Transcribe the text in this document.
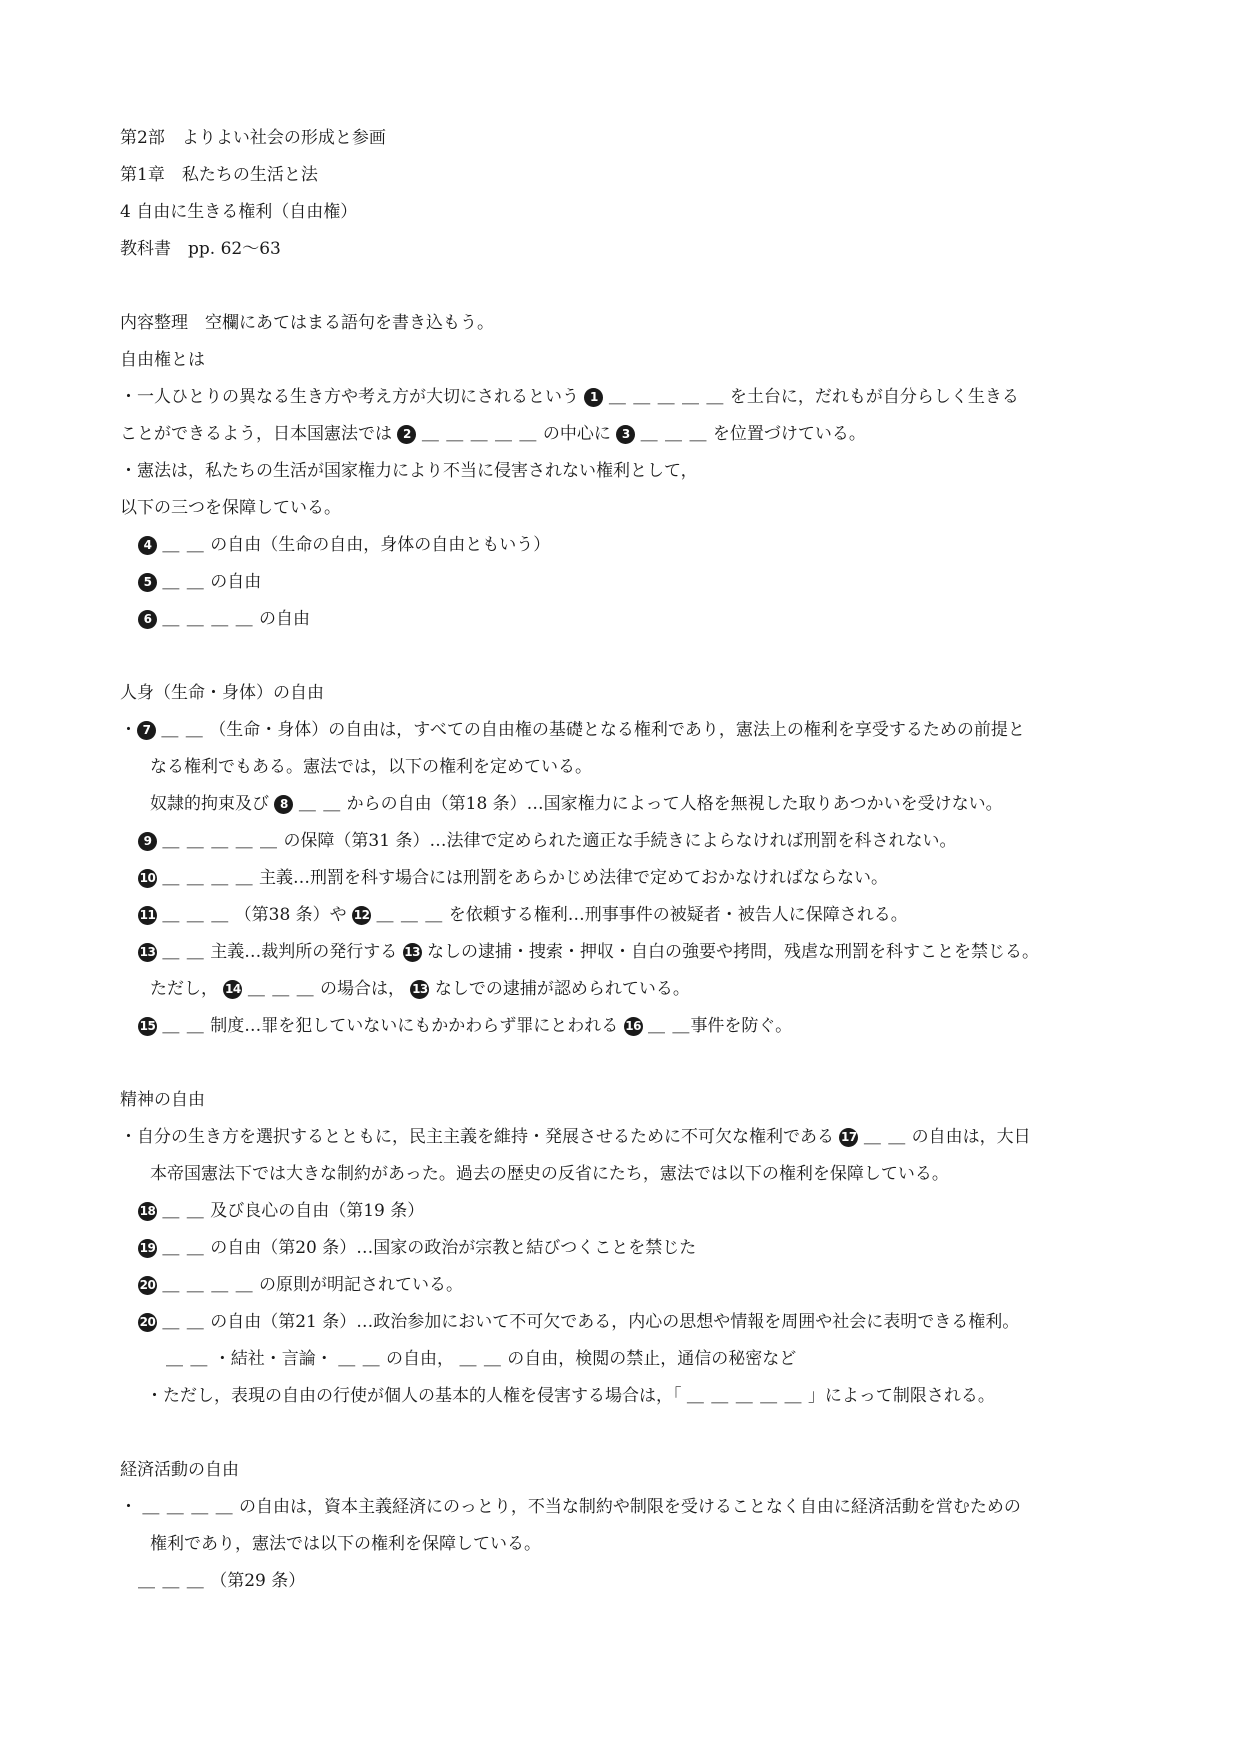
第2部　よりよい社会の形成と参画
第1章　私たちの生活と法
4 自由に生きる権利（自由権）
教科書　pp. 62〜63
内容整理　空欄にあてはまる語句を書き込もう。
自由権とは
・一人ひとりの異なる生き方や考え方が大切にされるという 1 ＿ ＿ ＿ ＿ ＿ を土台に，だれもが自分らしく生きる
ことができるよう，日本国憲法では 2 ＿ ＿ ＿ ＿ ＿ の中心に 3 ＿ ＿ ＿ を位置づけている。
・憲法は，私たちの生活が国家権力により不当に侵害されない権利として，
以下の三つを保障している。
4 ＿ ＿ の自由（生命の自由，身体の自由ともいう）
5 ＿ ＿ の自由
6 ＿ ＿ ＿ ＿ の自由
人身（生命・身体）の自由
・ 7 ＿ ＿ （生命・身体）の自由は，すべての自由権の基礎となる権利であり，憲法上の権利を享受するための前提と
なる権利でもある。憲法では，以下の権利を定めている。
奴隷的拘束及び 8 ＿ ＿ からの自由（第18 条）…国家権力によって人格を無視した取りあつかいを受けない。
9 ＿ ＿ ＿ ＿ ＿ の保障（第31 条）…法律で定められた適正な手続きによらなければ刑罰を科されない。
10 ＿ ＿ ＿ ＿ 主義…刑罰を科す場合には刑罰をあらかじめ法律で定めておかなければならない。
11 ＿ ＿ ＿ （第38 条）や 12 ＿ ＿ ＿ を依頼する権利…刑事事件の被疑者・被告人に保障される。
13 ＿ ＿ 主義…裁判所の発行する 13 なしの逮捕・捜索・押収・自白の強要や拷問，残虐な刑罰を科すことを禁じる。
ただし， 14 ＿ ＿ ＿ の場合は， 13 なしでの逮捕が認められている。
15 ＿ ＿ 制度…罪を犯していないにもかかわらず罪にとわれる 16 ＿ ＿事件を防ぐ。
精神の自由
・自分の生き方を選択するとともに，民主主義を維持・発展させるために不可欠な権利である 17 ＿ ＿ の自由は，大日
本帝国憲法下では大きな制約があった。過去の歴史の反省にたち，憲法では以下の権利を保障している。
18 ＿ ＿ 及び良心の自由（第19 条）
19 ＿ ＿ の自由（第20 条）…国家の政治が宗教と結びつくことを禁じた
20 ＿ ＿ ＿ ＿ の原則が明記されている。
20 ＿ ＿ の自由（第21 条）…政治参加において不可欠である，内心の思想や情報を周囲や社会に表明できる権利。
＿ ＿ ・結社・言論・ ＿ ＿ の自由， ＿ ＿ の自由，検閲の禁止，通信の秘密など
・ただし，表現の自由の行使が個人の基本的人権を侵害する場合は，「 ＿ ＿ ＿ ＿ ＿ 」によって制限される。
経済活動の自由
・ ＿ ＿ ＿ ＿ の自由は，資本主義経済にのっとり，不当な制約や制限を受けることなく自由に経済活動を営むための
権利であり，憲法では以下の権利を保障している。
＿ ＿ ＿ （第29 条）
